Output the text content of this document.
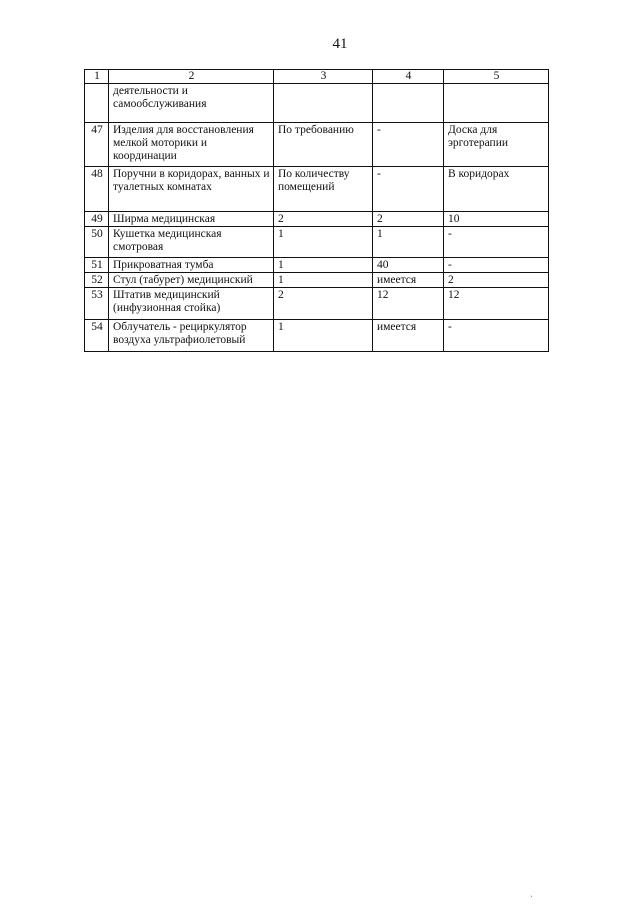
41
1	2	3	4	5
	деятельности и самообслуживания			
47	Изделия для восстановления мелкой моторики и координации	По требованию	-	Доска для эрготерапии
48	Поручни в коридорах, ванных и туалетных комнатах	По количеству помещений	-	В коридорах
49	Ширма медицинская	2	2	10
50	Кушетка медицинская смотровая	1	1	-
51	Прикроватная тумба	1	40	-
52	Стул (табурет) медицинский	1	имеется	2
53	Штатив медицинский (инфузионная стойка)	2	12	12
54	Облучатель - рециркулятор воздуха ультрафиолетовый	1	имеется	-
ˏ
